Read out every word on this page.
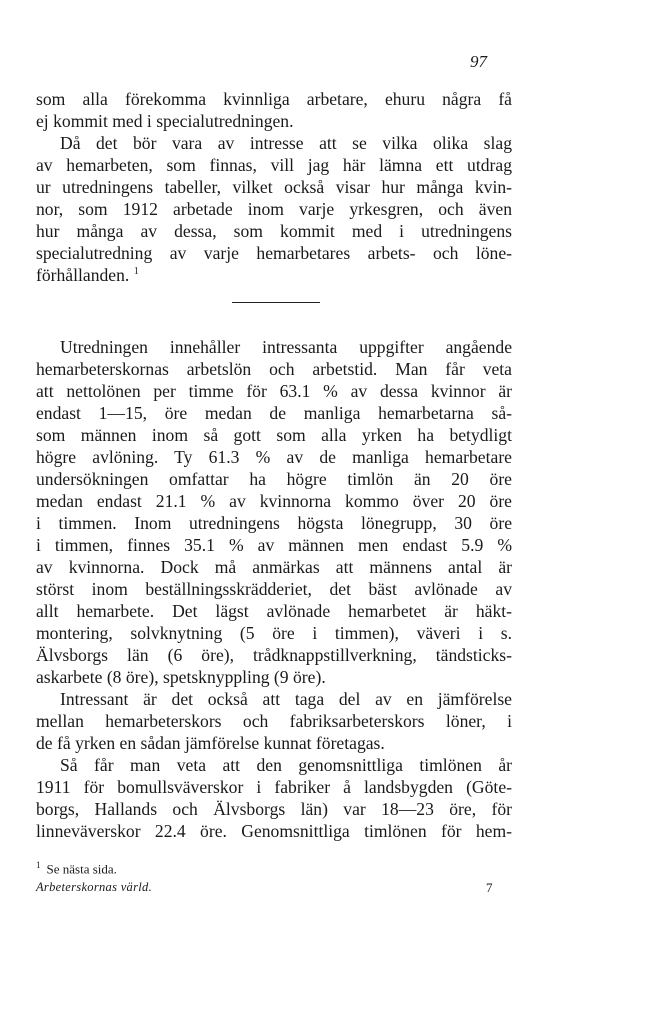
97
som alla förekomma kvinnliga arbetare, ehuru några få
ej kommit med i specialutredningen.
Då det bör vara av intresse att se vilka olika slag
av hemarbeten, som finnas, vill jag här lämna ett utdrag
ur utredningens tabeller, vilket också visar hur många kvin-
nor, som 1912 arbetade inom varje yrkesgren, och även
hur många av dessa, som kommit med i utredningens
specialutredning av varje hemarbetares arbets- och löne-
förhållanden. $^1$
Utredningen innehåller intressanta uppgifter angående
hemarbeterskornas arbetslön och arbetstid. Man får veta
att nettolönen per timme för 63.1 % av dessa kvinnor är
endast 1—15, öre medan de manliga hemarbetarna så-
som männen inom så gott som alla yrken ha betydligt
högre avlöning. Ty 61.3 % av de manliga hemarbetare
undersökningen omfattar ha högre timlön än 20 öre
medan endast 21.1 % av kvinnorna kommo över 20 öre
i timmen. Inom utredningens högsta lönegrupp, 30 öre
i timmen, finnes 35.1 % av männen men endast 5.9 %
av kvinnorna. Dock må anmärkas att männens antal är
störst inom beställningsskrädderiet, det bäst avlönade av
allt hemarbete. Det lägst avlönade hemarbetet är häkt-
montering, solvknytning (5 öre i timmen), väveri i s.
Älvsborgs län (6 öre), trådknappstillverkning, tändsticks-
askarbete (8 öre), spetsknyppling (9 öre).
Intressant är det också att taga del av en jämförelse
mellan hemarbeterskors och fabriksarbeterskors löner, i
de få yrken en sådan jämförelse kunnat företagas.
Så får man veta att den genomsnittliga timlönen år
1911 för bomullsväverskor i fabriker å landsbygden (Göte-
borgs, Hallands och Älvsborgs län) var 18—23 öre, för
linneväverskor 22.4 öre. Genomsnittliga timlönen för hem-
$^1$ Se nästa sida.
Arbeterskornas värld.	7
